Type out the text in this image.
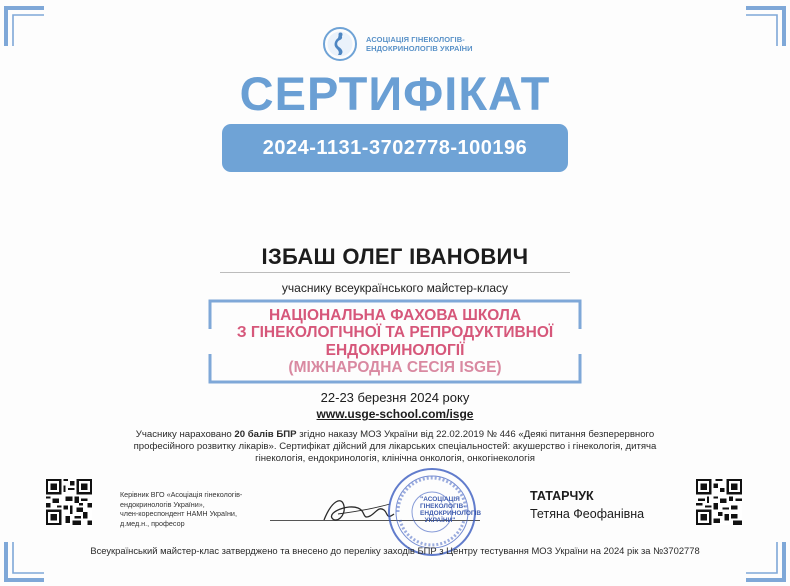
АСОЦІАЦІЯ ГІНЕКОЛОГІВ-
ЕНДОКРИНОЛОГІВ УКРАЇНИ
СЕРТИФІКАТ
2024-1131-3702778-100196
ІЗБАШ ОЛЕГ ІВАНОВИЧ
учаснику всеукраїнського майстер-класу
НАЦІОНАЛЬНА ФАХОВА ШКОЛА
З ГІНЕКОЛОГІЧНОЇ ТА РЕПРОДУКТИВНОЇ ЕНДОКРИНОЛОГІЇ
(МІЖНАРОДНА СЕСІЯ ISGE)
22-23 березня 2024 року
www.usge-school.com/isge
Учаснику нараховано 20 балів БПР згідно наказу МОЗ України від 22.02.2019 № 446 «Деякі питання безперервного
професійного розвитку лікарів». Сертифікат дійсний для лікарських спеціальностей: акушерство і гінекологія, дитяча
гінекологія, ендокринологія, клінічна онкологія, онкогінекологія
Керівник ВГО «Асоціація гінекологів-
ендокринологів України»,
член-кореспондент НАМН України,
д.мед.н., професор
"АСОЦІАЦІЯ
ГІНЕКОЛОГІВ-
ЕНДОКРИНОЛОГІВ
УКРАЇНИ"
ТАТАРЧУК
Тетяна Феофанівна
Всеукраїнський майстер-клас затверджено та внесено до переліку заходів БПР з Центру тестування МОЗ України на 2024 рік за №3702778
